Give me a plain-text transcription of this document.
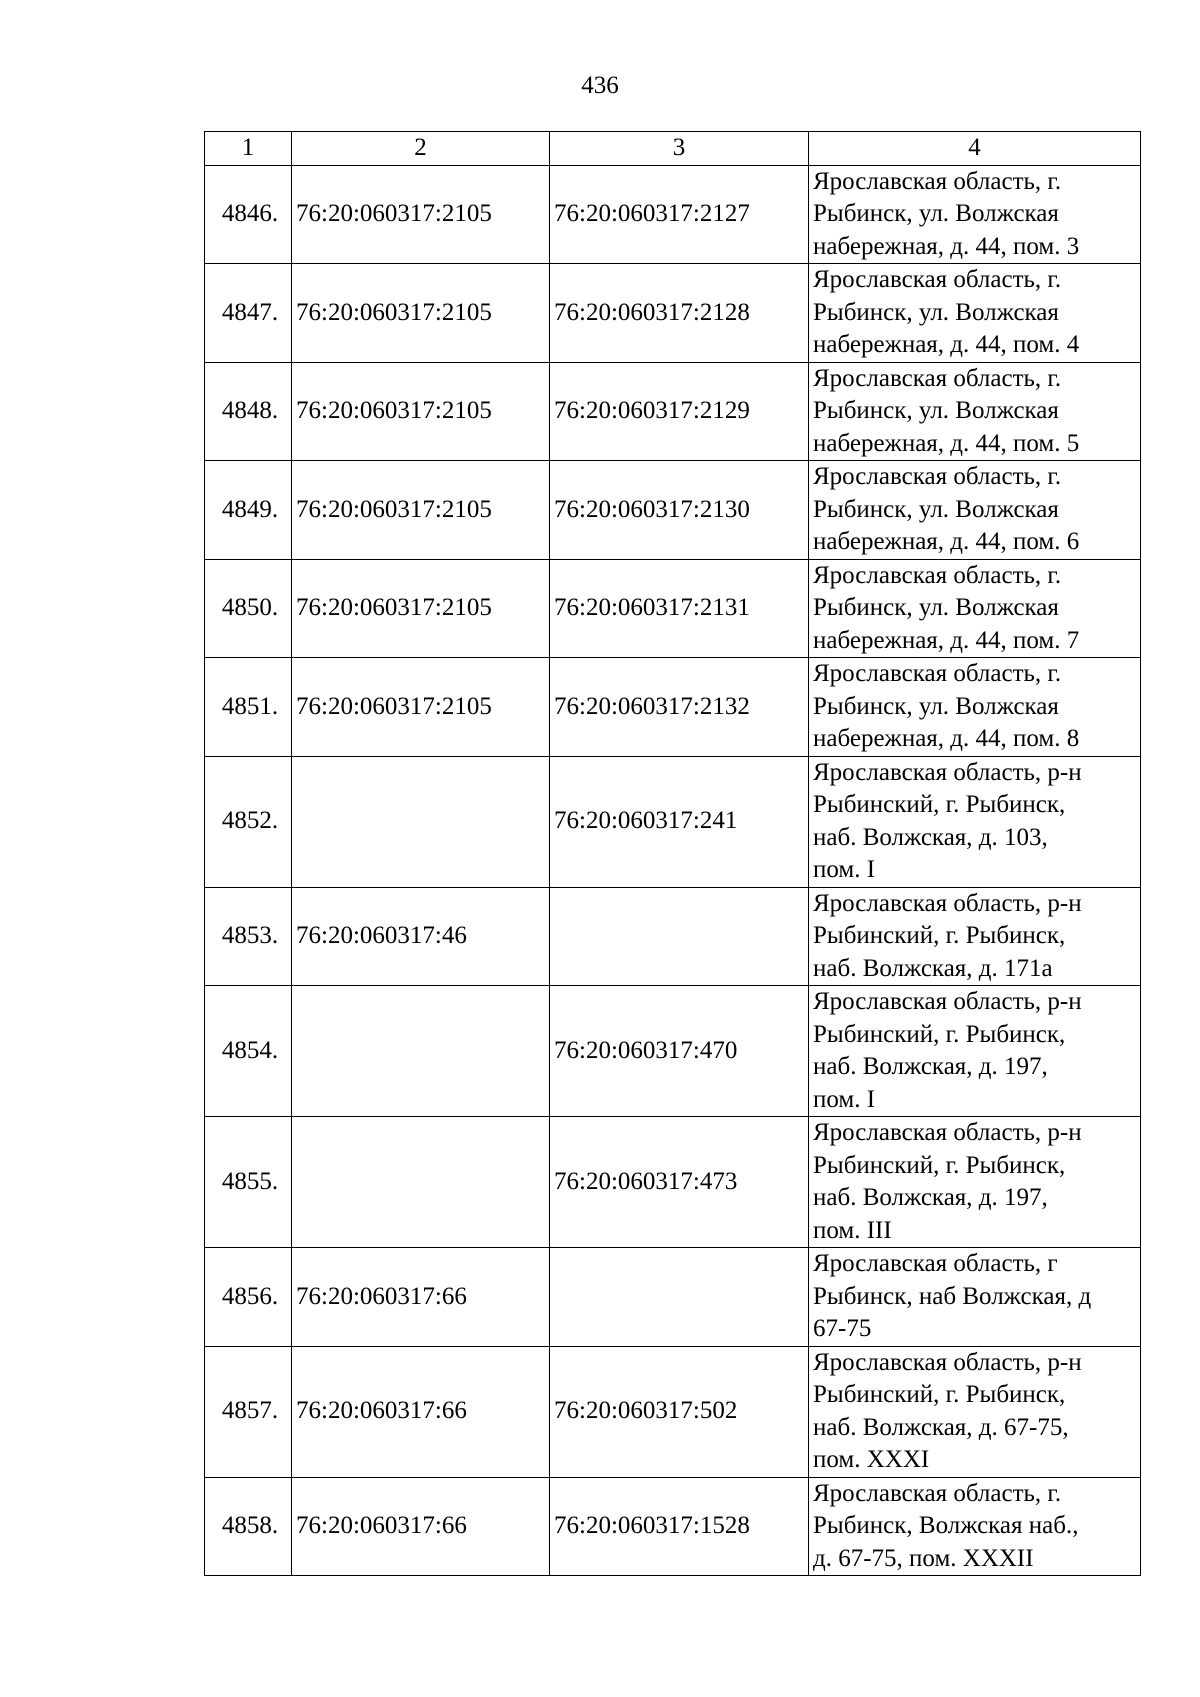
436
1	2	3	4
4846.	76:20:060317:2105	76:20:060317:2127	Ярославская область, г.
Рыбинск, ул. Волжская
набережная, д. 44, пом. 3
4847.	76:20:060317:2105	76:20:060317:2128	Ярославская область, г.
Рыбинск, ул. Волжская
набережная, д. 44, пом. 4
4848.	76:20:060317:2105	76:20:060317:2129	Ярославская область, г.
Рыбинск, ул. Волжская
набережная, д. 44, пом. 5
4849.	76:20:060317:2105	76:20:060317:2130	Ярославская область, г.
Рыбинск, ул. Волжская
набережная, д. 44, пом. 6
4850.	76:20:060317:2105	76:20:060317:2131	Ярославская область, г.
Рыбинск, ул. Волжская
набережная, д. 44, пом. 7
4851.	76:20:060317:2105	76:20:060317:2132	Ярославская область, г.
Рыбинск, ул. Волжская
набережная, д. 44, пом. 8
4852.		76:20:060317:241	Ярославская область, р-н
Рыбинский, г. Рыбинск,
наб. Волжская, д. 103,
пом. I
4853.	76:20:060317:46		Ярославская область, р-н
Рыбинский, г. Рыбинск,
наб. Волжская, д. 171а
4854.		76:20:060317:470	Ярославская область, р-н
Рыбинский, г. Рыбинск,
наб. Волжская, д. 197,
пом. I
4855.		76:20:060317:473	Ярославская область, р-н
Рыбинский, г. Рыбинск,
наб. Волжская, д. 197,
пом. III
4856.	76:20:060317:66		Ярославская область, г
Рыбинск, наб Волжская, д
67-75
4857.	76:20:060317:66	76:20:060317:502	Ярославская область, р-н
Рыбинский, г. Рыбинск,
наб. Волжская, д. 67-75,
пом. XXXI
4858.	76:20:060317:66	76:20:060317:1528	Ярославская область, г.
Рыбинск, Волжская наб.,
д. 67-75, пом. XXXII
